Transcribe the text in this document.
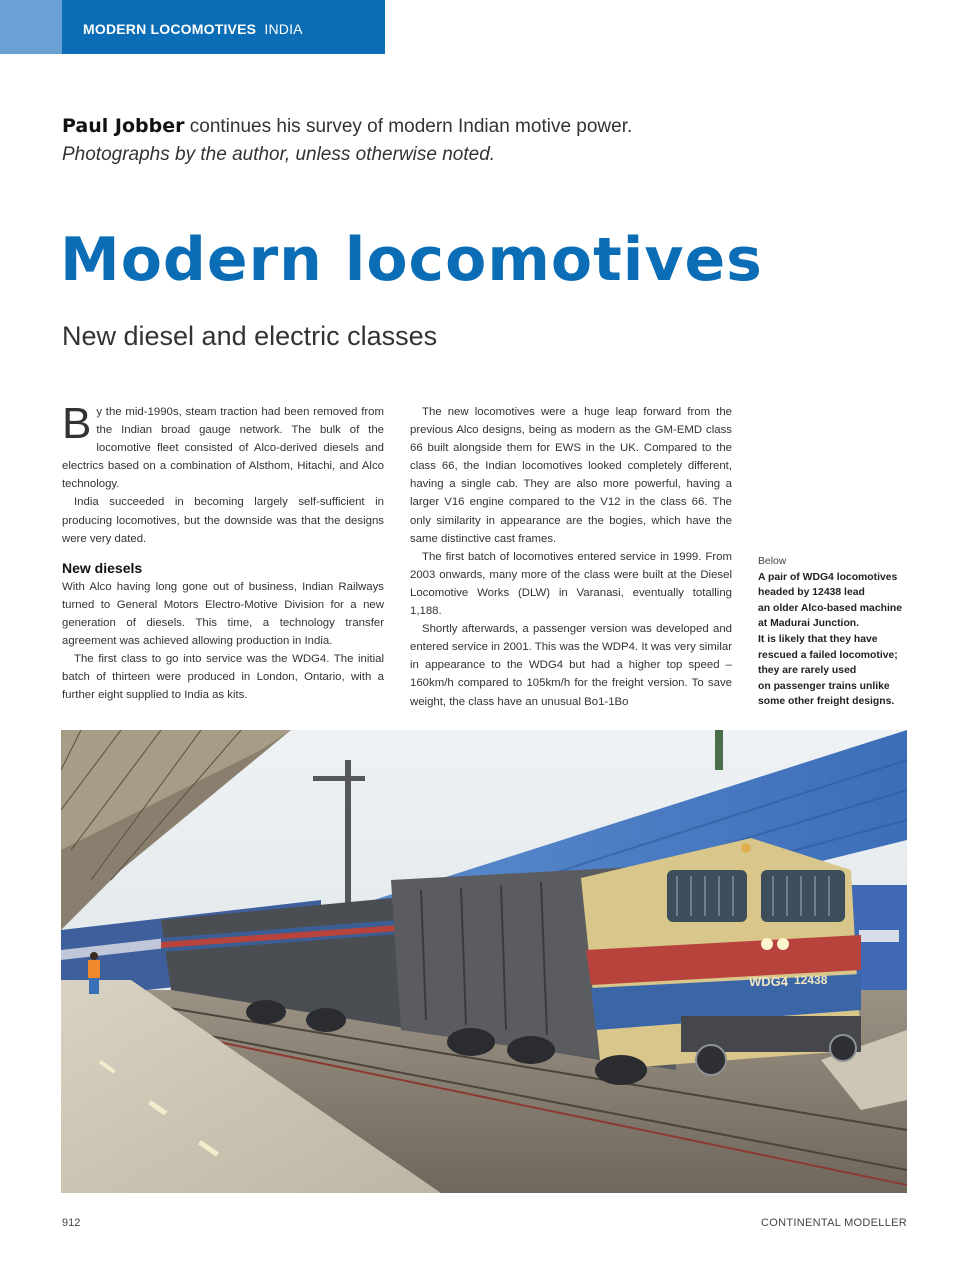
MODERN LOCOMOTIVES INDIA
Paul Jobber continues his survey of modern Indian motive power.
Photographs by the author, unless otherwise noted.
Modern locomotives
New diesel and electric classes

By the mid-1990s, steam traction had been removed from the Indian broad gauge network. The bulk of the locomotive fleet consisted of Alco-derived diesels and electrics based on a combination of Alsthom, Hitachi, and Alco technology.

India succeeded in becoming largely self-sufficient in producing locomotives, but the downside was that the designs were very dated.

New diesels

With Alco having long gone out of business, Indian Railways turned to General Motors Electro-Motive Division for a new generation of diesels. This time, a technology transfer agreement was achieved allowing production in India.

The first class to go into service was the WDG4. The initial batch of thirteen were produced in London, Ontario, with a further eight supplied to India as kits.

The new locomotives were a huge leap forward from the previous Alco designs, being as modern as the GM-EMD class 66 built alongside them for EWS in the UK. Compared to the class 66, the Indian locomotives looked completely different, having a single cab. They are also more powerful, having a larger V16 engine compared to the V12 in the class 66. The only similarity in appearance are the bogies, which have the same distinctive cast frames.

The first batch of locomotives entered service in 1999. From 2003 onwards, many more of the class were built at the Diesel Locomotive Works (DLW) in Varanasi, eventually totalling 1,188.

Shortly afterwards, a passenger version was developed and entered service in 2001. This was the WDP4. It was very similar in appearance to the WDG4 but had a higher top speed – 160km/h compared to 105km/h for the freight version. To save weight, the class have an unusual Bo1-1Bo

Below
A pair of WDG4 locomotives
headed by 12438 lead
an older Alco-based machine
at Madurai Junction.
It is likely that they have
rescued a failed locomotive;
they are rarely used
on passenger trains unlike
some other freight designs.
WDG4 12438
912	CONTINENTAL MODELLER
